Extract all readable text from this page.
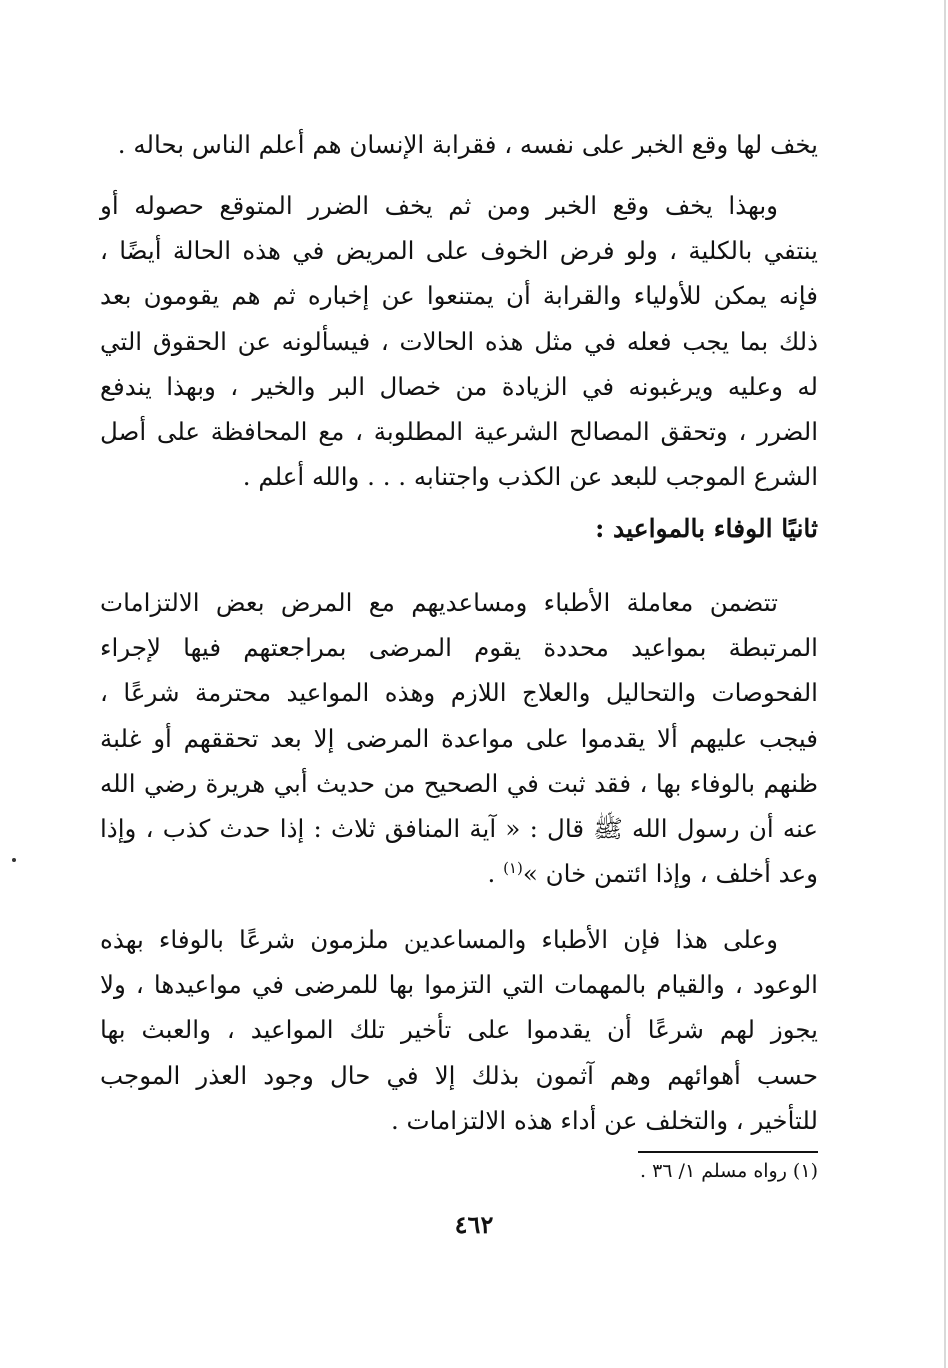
يخف لها وقع الخبر على نفسه ، فقرابة الإنسان هم أعلم الناس بحاله .

وبهذا يخف وقع الخبر ومن ثم يخف الضرر المتوقع حصوله أو
ينتفي بالكلية ، ولو فرض الخوف على المريض في هذه الحالة أيضًا ،
فإنه يمكن للأولياء والقرابة أن يمتنعوا عن إخباره ثم هم يقومون بعد
ذلك بما يجب فعله في مثل هذه الحالات ، فيسألونه عن الحقوق التي
له وعليه ويرغبونه في الزيادة من خصال البر والخير ، وبهذا يندفع
الضرر ، وتحقق المصالح الشرعية المطلوبة ، مع المحافظة على أصل
الشرع الموجب للبعد عن الكذب واجتنابه . . . والله أعلم .

ثانيًا الوفاء بالمواعيد :

تتضمن معاملة الأطباء ومساعديهم مع المرض بعض الالتزامات
المرتبطة بمواعيد محددة يقوم المرضى بمراجعتهم فيها لإجراء
الفحوصات والتحاليل والعلاج اللازم وهذه المواعيد محترمة شرعًا ،
فيجب عليهم ألا يقدموا على مواعدة المرضى إلا بعد تحققهم أو غلبة
ظنهم بالوفاء بها ، فقد ثبت في الصحيح من حديث أبي هريرة رضي الله
عنه أن رسول الله ﷺ قال : « آية المنافق ثلاث : إذا حدث كذب ، وإذا
وعد أخلف ، وإذا ائتمن خان »$^{(١)}$ .

وعلى هذا فإن الأطباء والمساعدين ملزمون شرعًا بالوفاء بهذه
الوعود ، والقيام بالمهمات التي التزموا بها للمرضى في مواعيدها ، ولا
يجوز لهم شرعًا أن يقدموا على تأخير تلك المواعيد ، والعبث بها
حسب أهوائهم وهم آثمون بذلك إلا في حال وجود العذر الموجب
للتأخير ، والتخلف عن أداء هذه الالتزامات .

(١) رواه مسلم ١/ ٣٦ .
٤٦٢
